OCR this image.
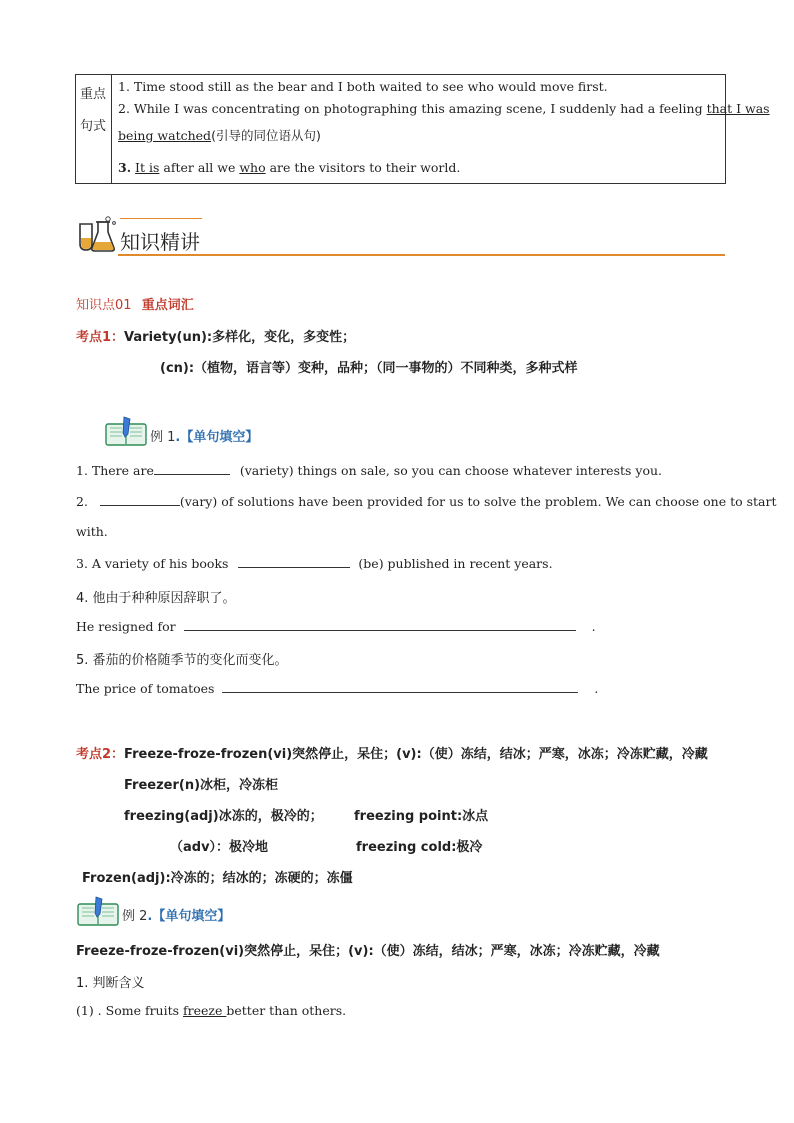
重点
句式
1. Time stood still as the bear and I both waited to see who would move first.
2. While I was concentrating on photographing this amazing scene, I suddenly had a feeling that I was
being watched(引导的同位语从句)
3. It is after all we who are the visitors to their world.
知识精讲
知识点01 重点词汇
考点1：Variety(un):多样化，变化，多变性；
(cn):（植物，语言等）变种，品种；（同一事物的）不同种类，多种式样
例 1.【单句填空】
1. There are	(variety) things on sale, so you can choose whatever interests you.
2.	(vary) of solutions have been provided for us to solve the problem. We can choose one to start
with.
3. A variety of his books	(be) published in recent years.
4. 他由于种种原因辞职了。
He resigned for	.
5. 番茄的价格随季节的变化而变化。
The price of tomatoes	.
考点2：Freeze-froze-frozen(vi)突然停止，呆住；(v):（使）冻结，结冰；严寒，冰冻；冷冻贮藏，冷藏
Freezer(n)冰柜，冷冻柜
freezing(adj)冰冻的，极冷的； freezing point:冰点
（adv）：极冷地	freezing cold:极冷
Frozen(adj):冷冻的；结冰的；冻硬的；冻僵
例 2.【单句填空】
Freeze-froze-frozen(vi)突然停止，呆住；(v):（使）冻结，结冰；严寒，冰冻；冷冻贮藏，冷藏
1. 判断含义
(1) . Some fruits freeze better than others.
